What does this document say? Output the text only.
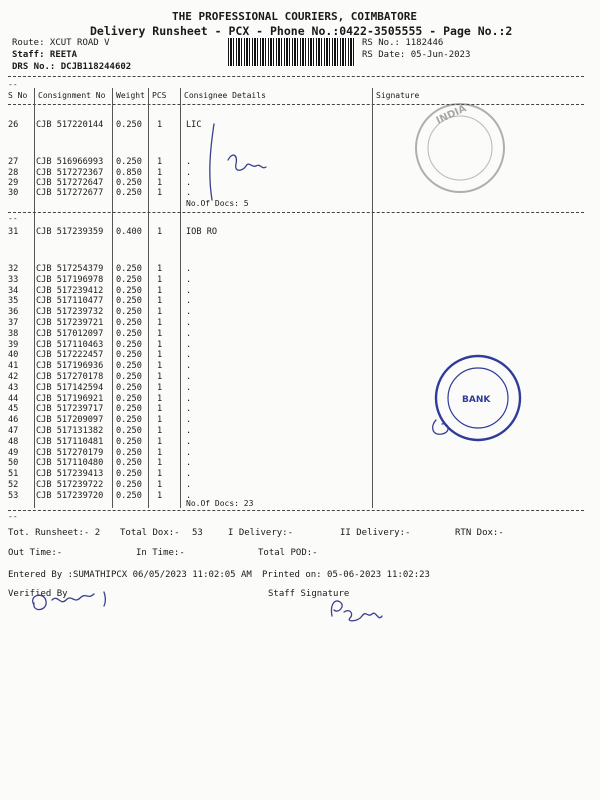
THE PROFESSIONAL COURIERS, COIMBATORE
Delivery Runsheet - PCX - Phone No.:0422-3505555 - Page No.:2
Route: XCUT ROAD V
Staff: REETA
DRS No.: DCJB118244602
RS No.: 1182446
RS Date: 05-Jun-2023
--
S No Consignment No Weight PCS Consignee Details	Signature
26 CJB 517220144 0.250 1	LIC
27 CJB 516966993 0.250 1	.
28 CJB 517272367 0.850 1	.
29 CJB 517272647 0.250 1	.
30 CJB 517272677 0.250 1	.
No.Of Docs: 5
--
31 CJB 517239359 0.400 1	IOB RO
32 CJB 517254379 0.250 1	.
33 CJB 517196978 0.250 1	.
34 CJB 517239412 0.250 1	.
35 CJB 517110477 0.250 1	.
36 CJB 517239732 0.250 1	.
37 CJB 517239721 0.250 1	.
38 CJB 517012097 0.250 1	.
39 CJB 517110463 0.250 1	.
40 CJB 517222457 0.250 1	.
41 CJB 517196936 0.250 1	.
42 CJB 517270178 0.250 1	.
43 CJB 517142594 0.250 1	.
44 CJB 517196921 0.250 1	.
45 CJB 517239717 0.250 1	.
46 CJB 517209097 0.250 1	.
47 CJB 517131382 0.250 1	.
48 CJB 517110481 0.250 1	.
49 CJB 517270179 0.250 1	.
50 CJB 517110480 0.250 1	.
51 CJB 517239413 0.250 1	.
52 CJB 517239722 0.250 1	.
53 CJB 517239720 0.250 1	.
No.Of Docs: 23
--
Tot. Runsheet:- 2 Total Dox:- 53	I Delivery:-	II Delivery:-	RTN Dox:-
Out Time:-	In Time:-	Total POD:-
Entered By :SUMATHIPCX 06/05/2023 11:02:05 AM Printed on: 05-06-2023 11:02:23
Verified By	Staff Signature
INDIA
BANK
